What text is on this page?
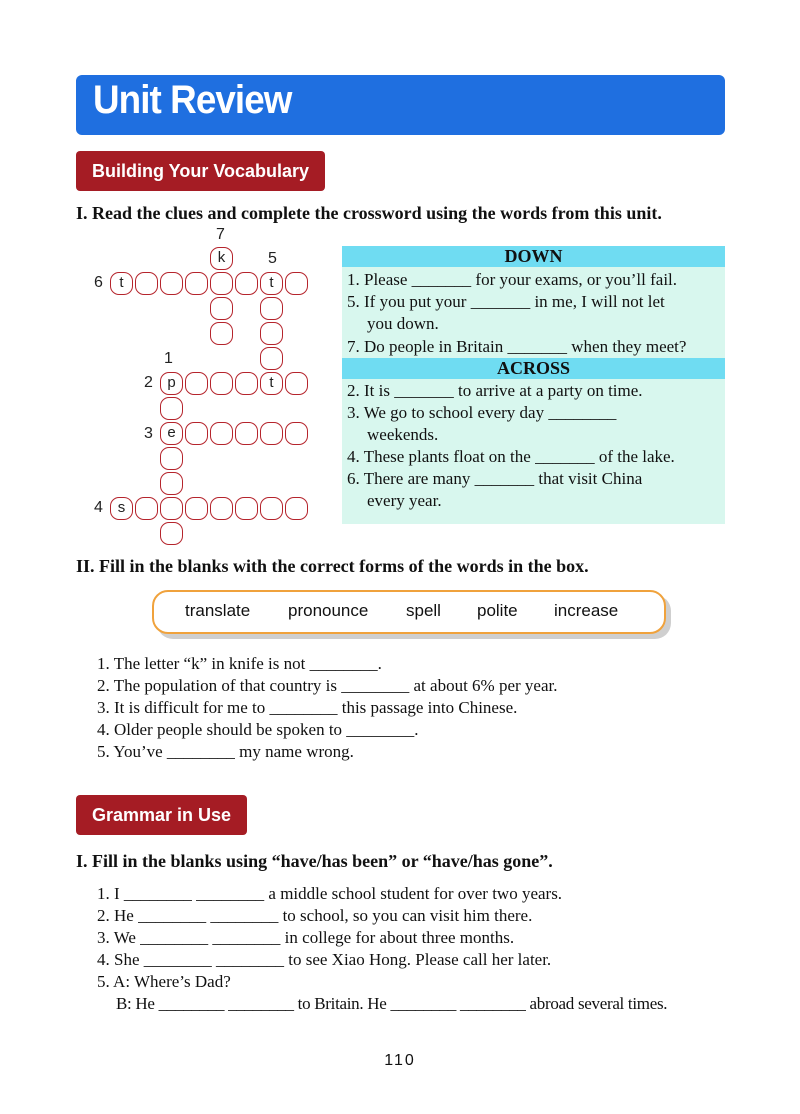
Unit Review
Building Your Vocabulary
I. Read the clues and complete the crossword using the words from this unit.
7
5
6
1
2
3
4
t	t
p	t
e
s
k	DOWN
1. Please _______ for your exams, or you’ll fail.
5. If you put your _______ in me, I will not let
you down.
7. Do people in Britain _______ when they meet?
ACROSS
2. It is _______ to arrive at a party on time.
3. We go to school every day ________
weekends.
4. These plants float on the _______ of the lake.
6. There are many _______ that visit China
every year.
II. Fill in the blanks with the correct forms of the words in the box.
translate pronounce spell polite increase
1. The letter “k” in knife is not ________.
2. The population of that country is ________ at about 6% per year.
3. It is difficult for me to ________ this passage into Chinese.
4. Older people should be spoken to ________.
5. You’ve ________ my name wrong.
Grammar in Use
I. Fill in the blanks using “have/has been” or “have/has gone”.
1. I ________ ________ a middle school student for over two years.
2. He ________ ________ to school, so you can visit him there.
3. We ________ ________ in college for about three months.
4. She ________ ________ to see Xiao Hong. Please call her later.
5. A: Where’s Dad?
B: He ________ ________ to Britain. He ________ ________ abroad several times.
110
